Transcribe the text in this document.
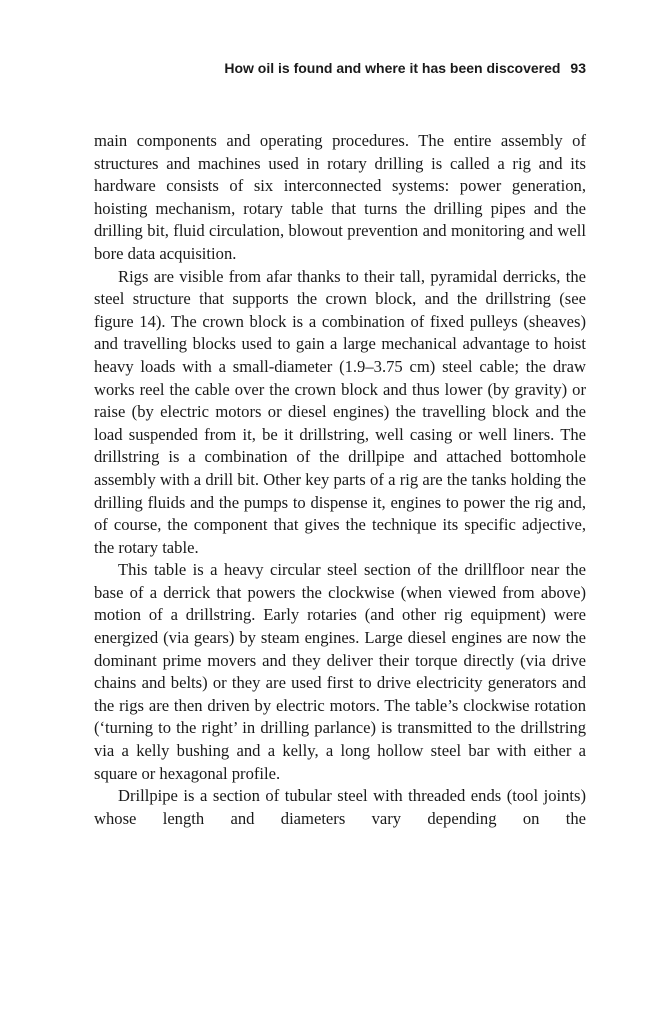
How oil is found and where it has been discovered 93

main components and operating procedures. The entire assembly of structures and machines used in rotary drilling is called a rig and its hardware consists of six interconnected systems: power generation, hoisting mechanism, rotary table that turns the drilling pipes and the drilling bit, fluid circulation, blowout prevention and monitoring and well bore data acquisition.

Rigs are visible from afar thanks to their tall, pyramidal derricks, the steel structure that supports the crown block, and the drillstring (see figure 14). The crown block is a combination of fixed pulleys (sheaves) and travelling blocks used to gain a large mechanical advantage to hoist heavy loads with a small-diameter (1.9–3.75 cm) steel cable; the draw works reel the cable over the crown block and thus lower (by gravity) or raise (by electric motors or diesel engines) the travelling block and the load suspended from it, be it drillstring, well casing or well liners. The drillstring is a combination of the drillpipe and attached bottomhole assembly with a drill bit. Other key parts of a rig are the tanks holding the drilling fluids and the pumps to dispense it, engines to power the rig and, of course, the component that gives the technique its specific adjective, the rotary table.

This table is a heavy circular steel section of the drillfloor near the base of a derrick that powers the clockwise (when viewed from above) motion of a drillstring. Early rotaries (and other rig equipment) were energized (via gears) by steam engines. Large diesel engines are now the dominant prime movers and they deliver their torque directly (via drive chains and belts) or they are used first to drive electricity generators and the rigs are then driven by electric motors. The table’s clockwise rotation (‘turning to the right’ in drilling parlance) is transmitted to the drillstring via a kelly bushing and a kelly, a long hollow steel bar with either a square or hexagonal profile.

Drillpipe is a section of tubular steel with threaded ends (tool joints) whose length and diameters vary depending on the
